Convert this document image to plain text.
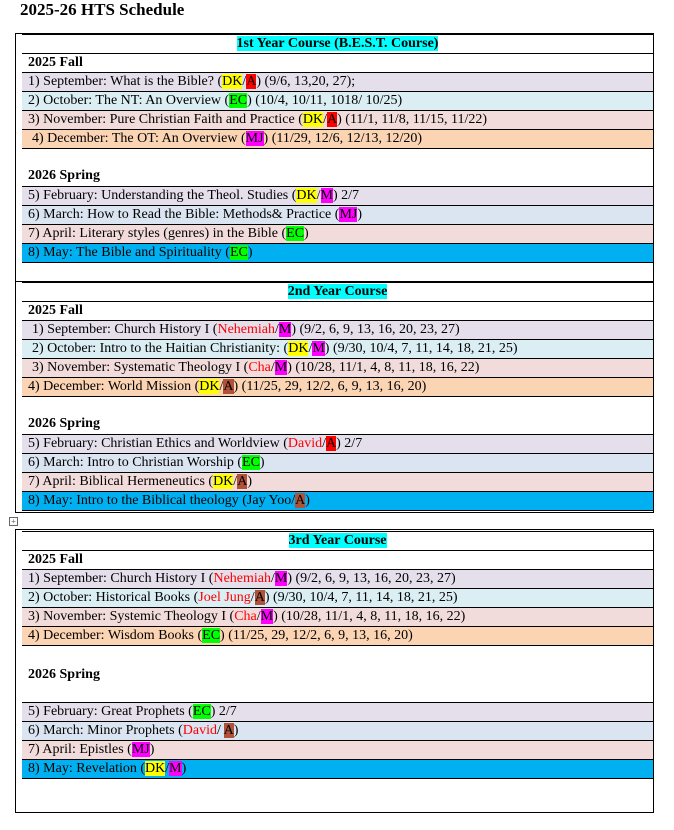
2025-26 HTS Schedule
1st Year Course (B.E.S.T. Course)
2025 Fall
1) September: What is the Bible? (DK/A) (9/6, 13,20, 27);
2) October: The NT: An Overview (EC) (10/4, 10/11, 1018/ 10/25)
3) November: Pure Christian Faith and Practice (DK/A) (11/1, 11/8, 11/15, 11/22)
4) December: The OT: An Overview (MJ) (11/29, 12/6, 12/13, 12/20)
2026 Spring
5) February: Understanding the Theol. Studies (DK/M) 2/7
6) March: How to Read the Bible: Methods& Practice (MJ)
7) April: Literary styles (genres) in the Bible (EC)
8) May: The Bible and Spirituality (EC)
2nd Year Course
2025 Fall
1) September: Church History I (Nehemiah/M) (9/2, 6, 9, 13, 16, 20, 23, 27)
2) October: Intro to the Haitian Christianity: (DK/M) (9/30, 10/4, 7, 11, 14, 18, 21, 25)
3) November: Systematic Theology I (Cha/M) (10/28, 11/1, 4, 8, 11, 18, 16, 22)
4) December: World Mission (DK/A) (11/25, 29, 12/2, 6, 9, 13, 16, 20)
2026 Spring
5) February: Christian Ethics and Worldview (David/A) 2/7
6) March: Intro to Christian Worship (EC)
7) April: Biblical Hermeneutics (DK/A)
8) May: Intro to the Biblical theology (Jay Yoo/A)
+
3rd Year Course
2025 Fall
1) September: Church History I (Nehemiah/M) (9/2, 6, 9, 13, 16, 20, 23, 27)
2) October: Historical Books (Joel Jung/A) (9/30, 10/4, 7, 11, 14, 18, 21, 25)
3) November: Systemic Theology I (Cha/M) (10/28, 11/1, 4, 8, 11, 18, 16, 22)
4) December: Wisdom Books (EC) (11/25, 29, 12/2, 6, 9, 13, 16, 20)
2026 Spring
5) February: Great Prophets (EC) 2/7
6) March: Minor Prophets (David/ A)
7) April: Epistles (MJ)
8) May: Revelation (DK/M)
